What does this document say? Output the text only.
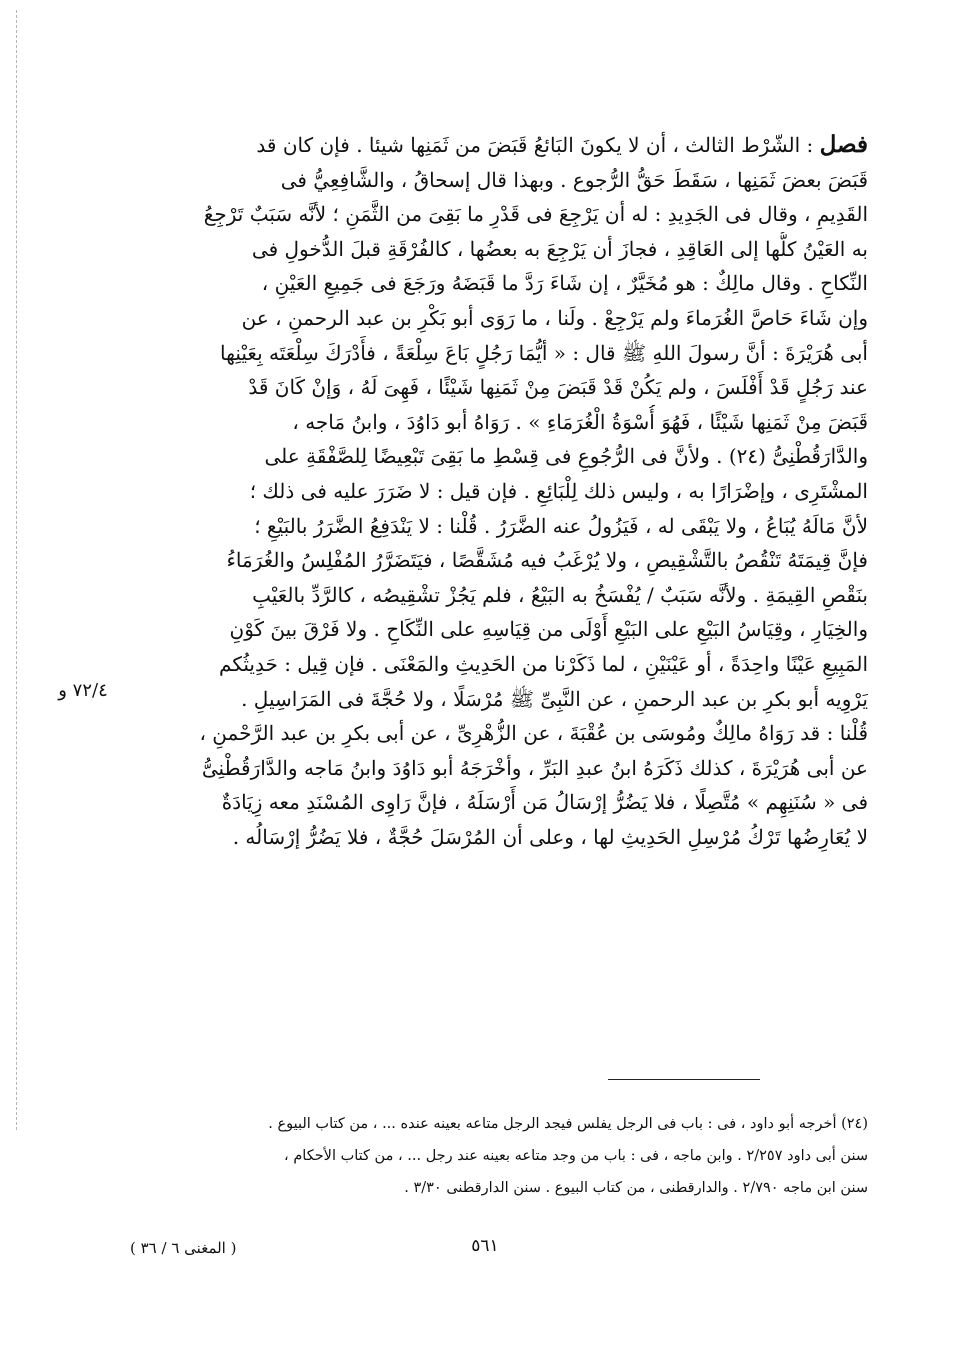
فصل : الشّرْط الثالث ، أن لا يكونَ البَائعُ قَبَضَ من ثَمَنِها شيئا . فإن كان قد
قَبَضَ بعضَ ثَمَنِها ، سَقَطَ حَقُّ الرُّجوع . وبهذا قال إسحاقُ ، والشَّافِعِيُّ فى
القَدِيمِ ، وقال فى الجَدِيدِ : له أن يَرْجِعَ فى قَدْرِ ما بَقِىَ من الثَّمَنِ ؛ لأنَّه سَبَبٌ تَرْجِعُ
به العَيْنُ كلُّها إلى العَاقِدِ ، فجازَ أن يَرْجِعَ به بعضُها ، كالفُرْقَةِ قبلَ الدُّخولِ فى
النِّكاحِ . وقال مالِكٌ : هو مُخَيَّرٌ ، إن شَاءَ رَدَّ ما قَبَضَهُ ورَجَعَ فى جَمِيعِ العَيْنِ ،
وإن شَاءَ حَاصَّ الغُرَماءَ ولم يَرْجِعْ . ولَنا ، ما رَوَى أبو بَكْرِ بن عبد الرحمنِ ، عن
أبى هُرَيْرَةَ : أنَّ رسولَ اللهِ ﷺ قال : « أيُّمَا رَجُلٍ بَاعَ سِلْعَةً ، فأَدْرَكَ سِلْعَتَه بِعَيْنِها
عند رَجُلٍ قَدْ أَفْلَسَ ، ولم يَكُنْ قَدْ قَبَضَ مِنْ ثَمَنِها شَيْئًا ، فَهِىَ لَهُ ، وَإنْ كَانَ قَدْ
قَبَضَ مِنْ ثَمَنِها شَيْئًا ، فَهُوَ أُسْوَةُ الْغُرَمَاءِ » . رَوَاهُ أبو دَاوُدَ ، وابنُ مَاجه ،
والدَّارَقُطْنِىُّ (٢٤) . ولأنَّ فى الرُّجُوعِ فى قِسْطِ ما بَقِىَ تَبْعِيضًا لِلصَّفْقَةِ على
المشْتَرِى ، وإضْرَارًا به ، وليس ذلك لِلْبَائِعِ . فإن قيل : لا ضَرَرَ عليه فى ذلك ؛
لأنَّ مَالَهُ يُبَاعُ ، ولا يَبْقَى له ، فَيَزُولُ عنه الضَّرَرُ . قُلْنا : لا يَنْدَفِعُ الضَّرَرُ بالبَيْعِ ؛
فإنَّ قِيمَتَهُ تَنْقُصُ بالتَّشْقِيصِ ، ولا يُرْغَبُ فيه مُشَقَّصًا ، فيَتَضَرَّرُ المُفْلِسُ والغُرَمَاءُ
بنَقْصِ القِيمَةِ . ولأنَّه سَبَبٌ / يُفْسَخُ به البَيْعُ ، فلم يَجُزْ تشْقِيصُه ، كالرَّدِّ بالعَيْبِ
والخِيَارِ ، وقِيَاسُ البَيْعِ على البَيْعِ أَوْلَى من قِيَاسِهِ على النِّكَاحِ . ولا فَرْقَ بينَ كَوْنِ
المَبِيعِ عَيْنًا واحِدَةً ، أو عَيْنَيْنِ ، لما ذَكَرْنا من الحَدِيثِ والمَعْنَى . فإن قِيل : حَدِيثُكم
يَرْوِيه أبو بكرِ بن عبد الرحمنِ ، عن النَّبِىِّ ﷺ مُرْسَلًا ، ولا حُجَّةَ فى المَرَاسِيلِ .
قُلْنا : قد رَوَاهُ مالِكٌ ومُوسَى بن عُقْبَةَ ، عن الزُّهْرِىِّ ، عن أبى بكرِ بن عبد الرَّحْمنِ ،
عن أبى هُرَيْرَةَ ، كذلك ذَكَرَهُ ابنُ عبدِ البَرِّ ، وأخْرَجَهُ أبو دَاوُدَ وابنُ مَاجه والدَّارَقُطْنِىُّ
فى « سُنَنِهِم » مُتَّصِلًا ، فلا يَضُرُّ إرْسَالُ مَن أَرْسَلَهُ ، فإنَّ رَاوِى المُسْنَدِ معه زِيَادَةٌ
لا يُعَارِضُها تَرْكُ مُرْسِلِ الحَدِيثِ لها ، وعلى أن المُرْسَلَ حُجَّةٌ ، فلا يَضُرُّ إرْسَالُه .
٧٢/٤ و
(٢٤) أخرجه أبو داود ، فى : باب فى الرجل يفلس فيجد الرجل متاعه بعينه عنده ... ، من كتاب البيوع .
سنن أبى داود ٢/٢٥٧ . وابن ماجه ، فى : باب من وجد متاعه بعينه عند رجل ... ، من كتاب الأحكام ،
سنن ابن ماجه ٢/٧٩٠ . والدارقطنى ، من كتاب البيوع . سنن الدارقطنى ٣/٣٠ .
٥٦١
( المغنى ٦ / ٣٦ )
